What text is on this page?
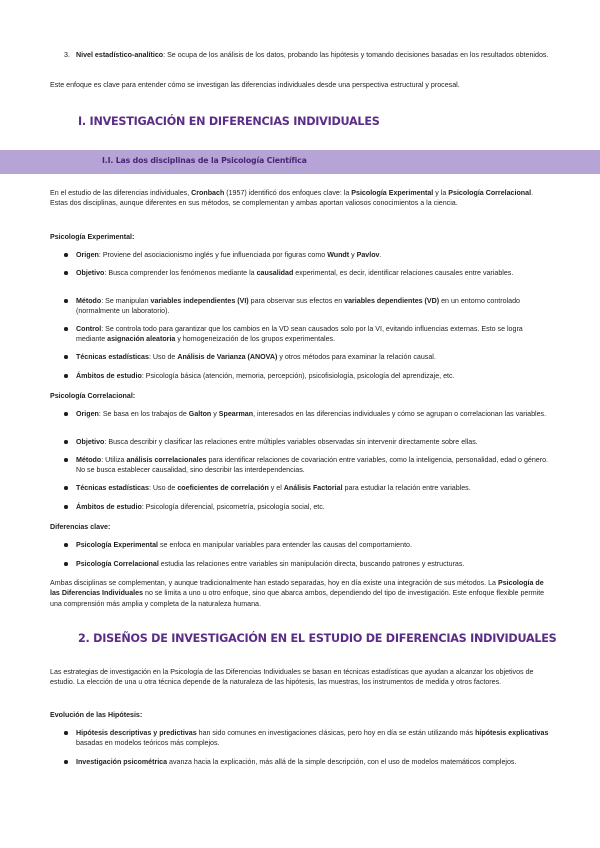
3. Nivel estadístico-analítico: Se ocupa de los análisis de los datos, probando las hipótesis y tomando decisiones basadas en los resultados obtenidos.

Este enfoque es clave para entender cómo se investigan las diferencias individuales desde una perspectiva estructural y procesal.

I. INVESTIGACIÓN EN DIFERENCIAS INDIVIDUALES
I.I. Las dos disciplinas de la Psicología Científica

En el estudio de las diferencias individuales, Cronbach (1957) identificó dos enfoques clave: la Psicología Experimental y la Psicología Correlacional. Estas dos disciplinas, aunque diferentes en sus métodos, se complementan y ambas aportan valiosos conocimientos a la ciencia.

Psicología Experimental:
Origen: Proviene del asociacionismo inglés y fue influenciada por figuras como Wundt y Pavlov.
Objetivo: Busca comprender los fenómenos mediante la causalidad experimental, es decir, identificar relaciones causales entre variables.
Método: Se manipulan variables independientes (VI) para observar sus efectos en variables dependientes (VD) en un entorno controlado (normalmente un laboratorio).
Control: Se controla todo para garantizar que los cambios en la VD sean causados solo por la VI, evitando influencias externas. Esto se logra mediante asignación aleatoria y homogeneización de los grupos experimentales.
Técnicas estadísticas: Uso de Análisis de Varianza (ANOVA) y otros métodos para examinar la relación causal.
Ámbitos de estudio: Psicología básica (atención, memoria, percepción), psicofisiología, psicología del aprendizaje, etc.
Psicología Correlacional:
Origen: Se basa en los trabajos de Galton y Spearman, interesados en las diferencias individuales y cómo se agrupan o correlacionan las variables.
Objetivo: Busca describir y clasificar las relaciones entre múltiples variables observadas sin intervenir directamente sobre ellas.
Método: Utiliza análisis correlacionales para identificar relaciones de covariación entre variables, como la inteligencia, personalidad, edad o género. No se busca establecer causalidad, sino describir las interdependencias.
Técnicas estadísticas: Uso de coeficientes de correlación y el Análisis Factorial para estudiar la relación entre variables.
Ámbitos de estudio: Psicología diferencial, psicometría, psicología social, etc.
Diferencias clave:
Psicología Experimental se enfoca en manipular variables para entender las causas del comportamiento.
Psicología Correlacional estudia las relaciones entre variables sin manipulación directa, buscando patrones y estructuras.

Ambas disciplinas se complementan, y aunque tradicionalmente han estado separadas, hoy en día existe una integración de sus métodos. La Psicología de las Diferencias Individuales no se limita a uno u otro enfoque, sino que abarca ambos, dependiendo del tipo de investigación. Este enfoque flexible permite una comprensión más amplia y completa de la naturaleza humana.

2. DISEÑOS DE INVESTIGACIÓN EN EL ESTUDIO DE DIFERENCIAS INDIVIDUALES

Las estrategias de investigación en la Psicología de las Diferencias Individuales se basan en técnicas estadísticas que ayudan a alcanzar los objetivos de estudio. La elección de una u otra técnica depende de la naturaleza de las hipótesis, las muestras, los instrumentos de medida y otros factores.

Evolución de las Hipótesis:
Hipótesis descriptivas y predictivas han sido comunes en investigaciones clásicas, pero hoy en día se están utilizando más hipótesis explicativas basadas en modelos teóricos más complejos.
Investigación psicométrica avanza hacia la explicación, más allá de la simple descripción, con el uso de modelos matemáticos complejos.
